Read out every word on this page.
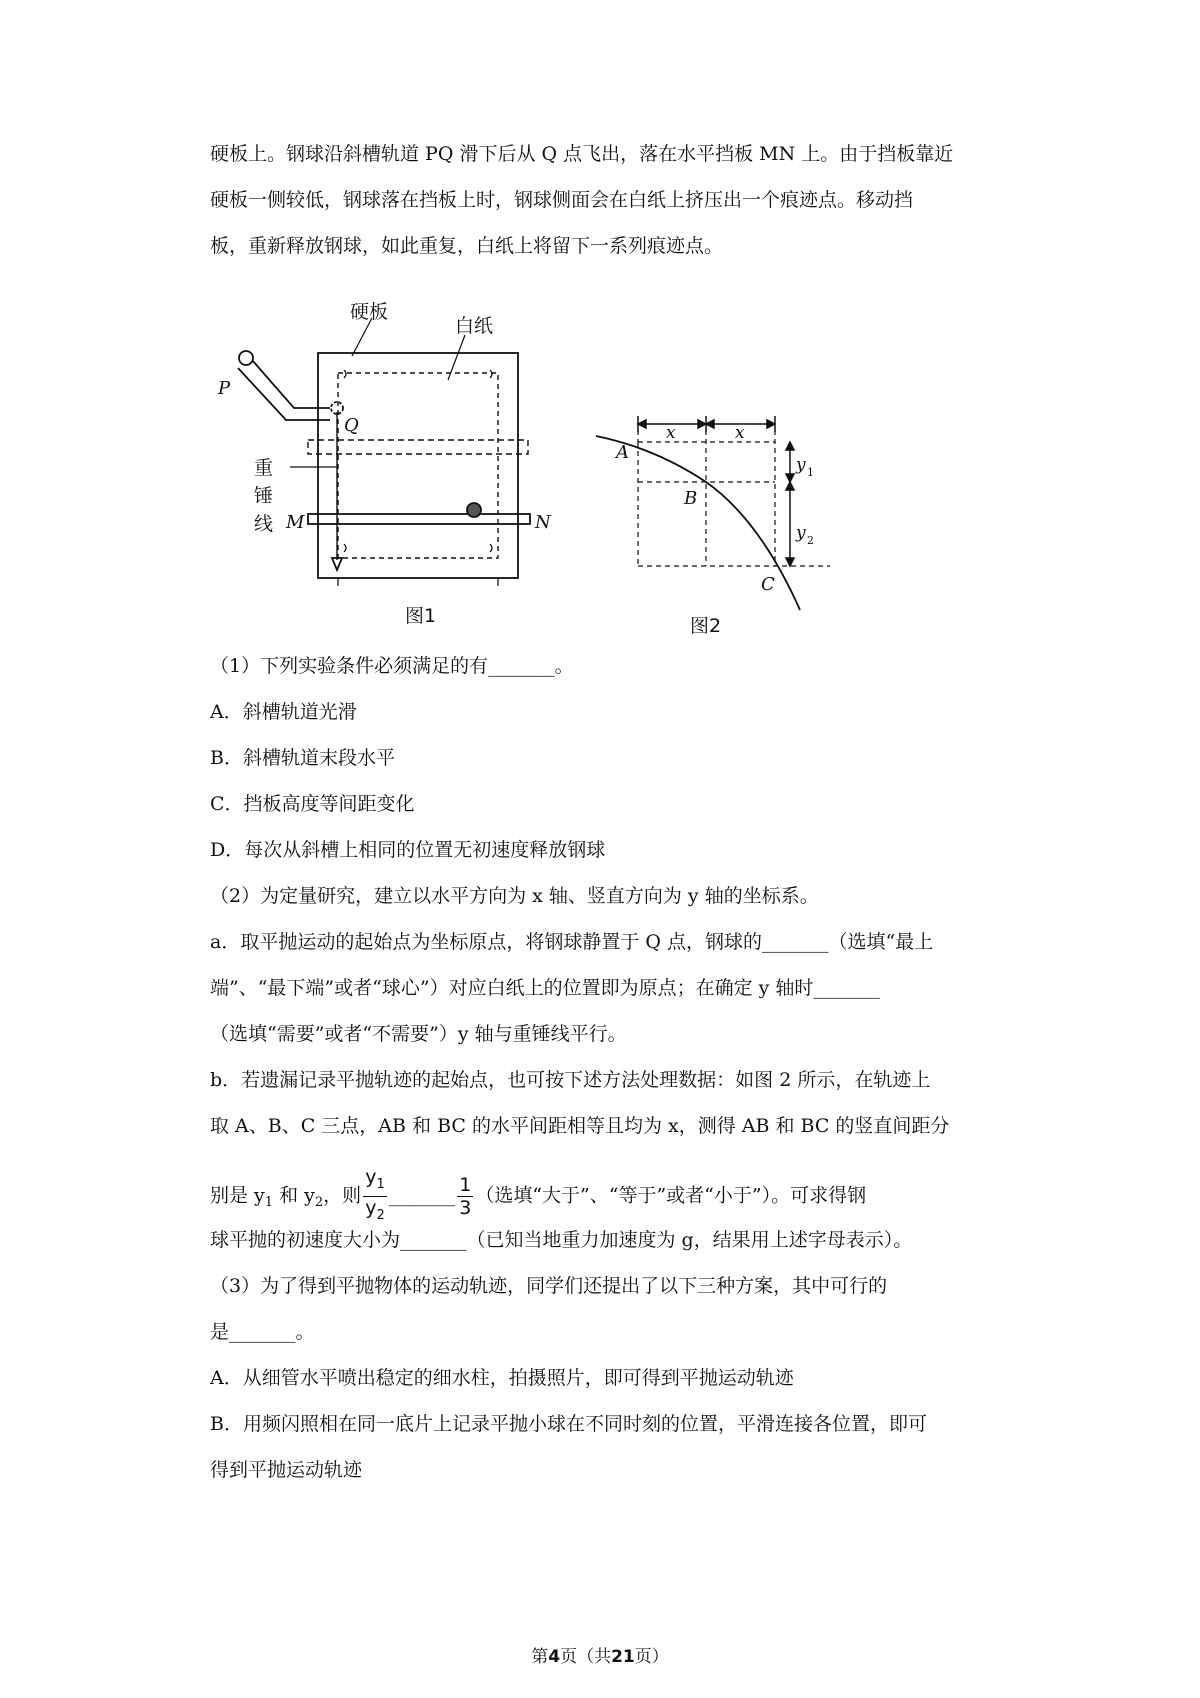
硬板上。钢球沿斜槽轨道 PQ 滑下后从 Q 点飞出，落在水平挡板 MN 上。由于挡板靠近
硬板一侧较低，钢球落在挡板上时，钢球侧面会在白纸上挤压出一个痕迹点。移动挡
板，重新释放钢球，如此重复，白纸上将留下一系列痕迹点。
硬板
白纸
P
Q
重
锤
线 M	N
图1
x	x
A
B
C
y 1
y 2
图2
（1）下列实验条件必须满足的有_______。
A．斜槽轨道光滑
B．斜槽轨道末段水平
C．挡板高度等间距变化
D．每次从斜槽上相同的位置无初速度释放钢球
（2）为定量研究，建立以水平方向为 x 轴、竖直方向为 y 轴的坐标系。
a．取平抛运动的起始点为坐标原点，将钢球静置于 Q 点，钢球的_______（选填“最上
端”、“最下端”或者“球心”）对应白纸上的位置即为原点；在确定 y 轴时_______
（选填“需要”或者“不需要”）y 轴与重锤线平行。
b．若遗漏记录平抛轨迹的起始点，也可按下述方法处理数据：如图 2 所示，在轨迹上
取 A、B、C 三点，AB 和 BC 的水平间距相等且均为 x，测得 AB 和 BC 的竖直间距分
别是 $y_1$ 和 $y_2$，则 $\frac{y_1}{y_2}$ _______ $\frac{1}{3}$ （选填“大于”、“等于”或者“小于”）。可求得钢
球平抛的初速度大小为_______（已知当地重力加速度为 g，结果用上述字母表示）。
（3）为了得到平抛物体的运动轨迹，同学们还提出了以下三种方案，其中可行的
是_______。
A．从细管水平喷出稳定的细水柱，拍摄照片，即可得到平抛运动轨迹
B．用频闪照相在同一底片上记录平抛小球在不同时刻的位置，平滑连接各位置，即可
得到平抛运动轨迹
第4页（共21页）
